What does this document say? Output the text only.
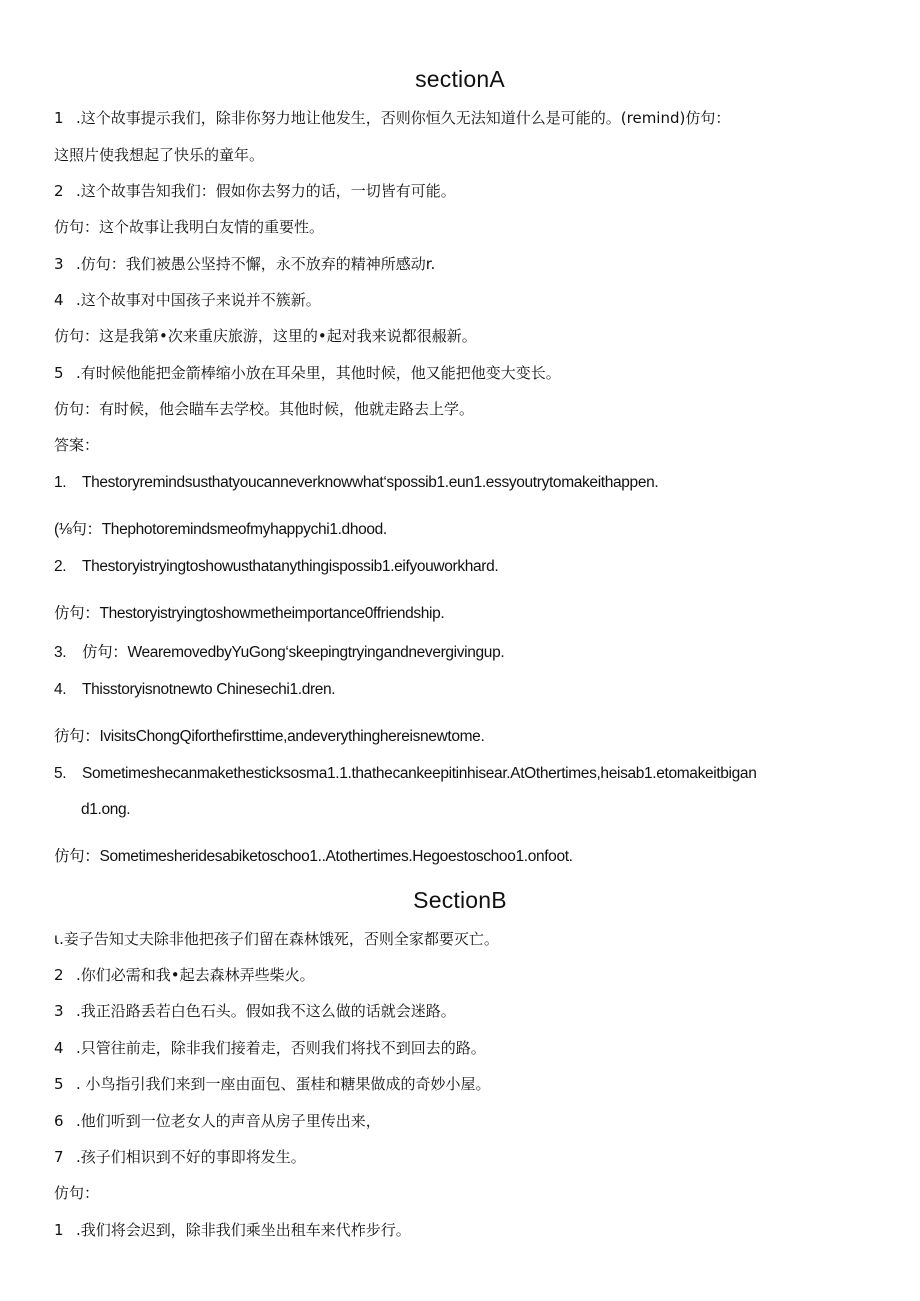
sectionA
1 .这个故事提示我们，除非你努力地让他发生，否则你恒久无法知道什么是可能的。(remind)仿句：
这照片使我想起了快乐的童年。
2 .这个故事告知我们：假如你去努力的话，一切皆有可能。
仿句：这个故事让我明白友情的重要性。
3 .仿句：我们被愚公坚持不懈，永不放弃的精神所感动r.
4 .这个故事对中国孩子来说并不簇新。
仿句：这是我第•次来重庆旅游，这里的•起对我来说都很赧新。
5 .有时候他能把金箭棒缩小放在耳朵里，其他时候，他又能把他变大变长。
仿句：有时候，他会瞄车去学校。其他时候，他就走路去上学。
答案：
1. Thestoryremindsusthatyoucanneverknowwhat‘spossib1.eun1.essyoutrytomakeithappen.
(⅛句：Thephotoremindsmeofmyhappychi1.dhood.
2. Thestoryistryingtoshowusthatanythingispossib1.eifyouworkhard.
仿句：Thestoryistryingtoshowmetheimportance0ffriendship.
3. 仿句：WearemovedbyYuGong‘skeepingtryingandnevergivingup.
4. Thisstoryisnotnewto Chinesechi1.dren.
彷句：IvisitsChongQiforthefirsttime,andeverythinghereisnewtome.
5. Sometimeshecanmakethesticksosma1.1.thathecankeepitinhisear.AtOthertimes,heisab1.etomakeitbigan
d1.ong.
仿句：Sometimesheridesabiketoschoo1..Atothertimes.Hegoestoschoo1.onfoot.
SectionB
ι.妾子告知丈夫除非他把孩子们留在森林饿死，否则全家都要灭亡。
2 .你们必需和我•起去森林弄些柴火。
3 .我正沿路丢若白色石头。假如我不这么做的话就会迷路。
4 .只管往前走，除非我们接着走，否则我们将找不到回去的路。
5 . 小鸟指引我们来到一座由面包、蛋桂和糖果做成的奇妙小屋。
6 .他们听到一位老女人的声音从房子里传出来，
7 .孩子们相识到不好的事即将发生。
仿句：
1 .我们将会迟到，除非我们乘坐出租车来代柞步行。
